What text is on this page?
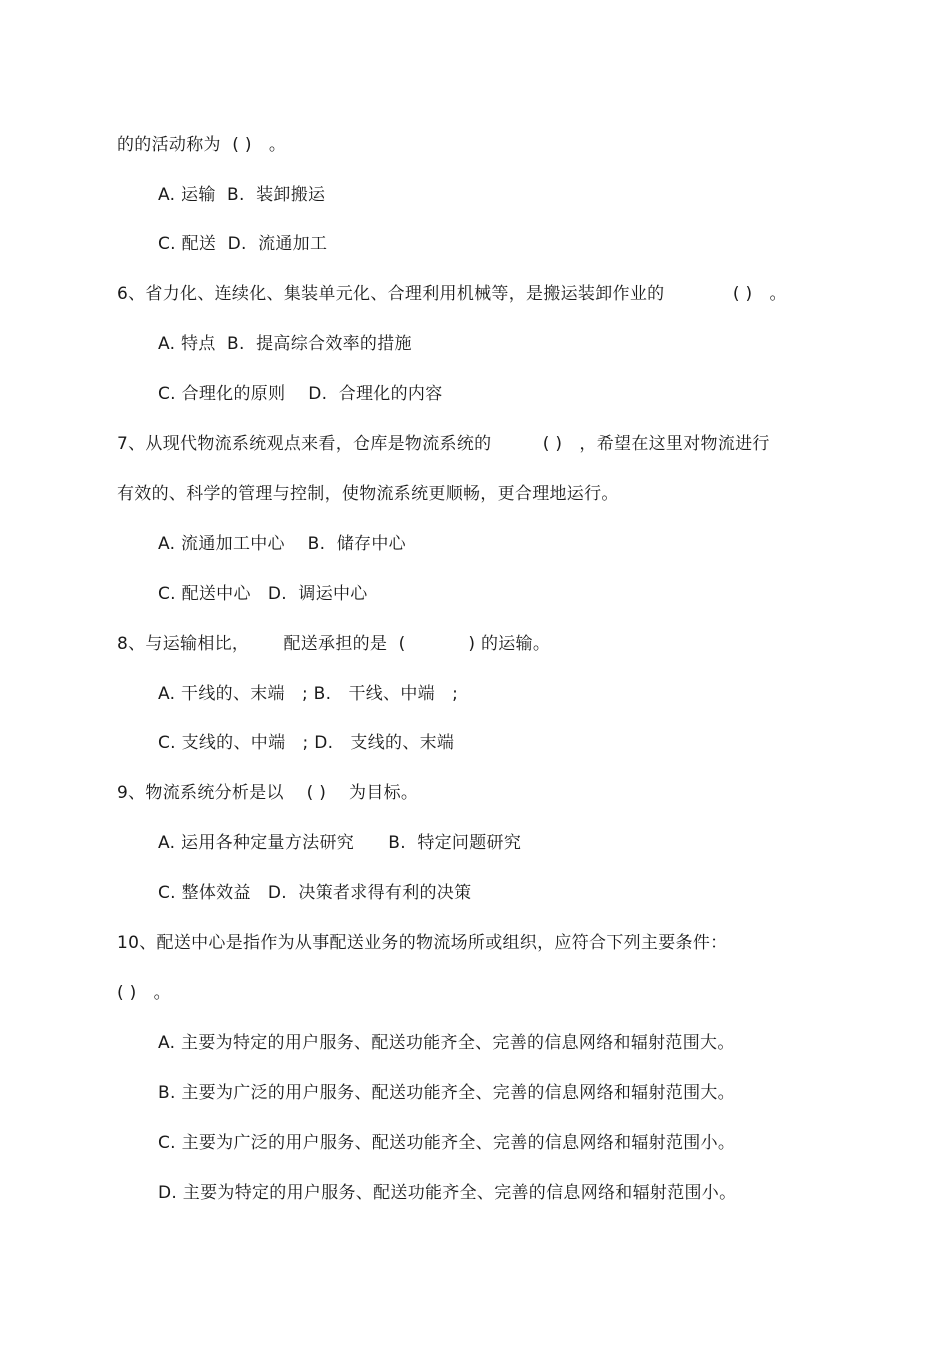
的的活动称为  ( )   。
A. 运输  B.  装卸搬运
C. 配送  D.  流通加工
6、省力化、连续化、集装单元化、合理利用机械等，是搬运装卸作业的            ( )   。
A. 特点  B.  提高综合效率的措施
C. 合理化的原则    D.  合理化的内容
7、从现代物流系统观点来看，仓库是物流系统的         ( )   ，希望在这里对物流进行
有效的、科学的管理与控制，使物流系统更顺畅，更合理地运行。
A. 流通加工中心    B.  储存中心
C. 配送中心   D.  调运中心
8、与运输相比，      配送承担的是  (           ) 的运输。
A. 干线的、末端   ; B.   干线、中端   ;
C. 支线的、中端   ; D.   支线的、末端
9、物流系统分析是以    ( )    为目标。
A. 运用各种定量方法研究      B.  特定问题研究
C. 整体效益   D.  决策者求得有利的决策
10、配送中心是指作为从事配送业务的物流场所或组织，应符合下列主要条件：
( )   。
A. 主要为特定的用户服务、配送功能齐全、完善的信息网络和辐射范围大。
B. 主要为广泛的用户服务、配送功能齐全、完善的信息网络和辐射范围大。
C. 主要为广泛的用户服务、配送功能齐全、完善的信息网络和辐射范围小。
D. 主要为特定的用户服务、配送功能齐全、完善的信息网络和辐射范围小。
